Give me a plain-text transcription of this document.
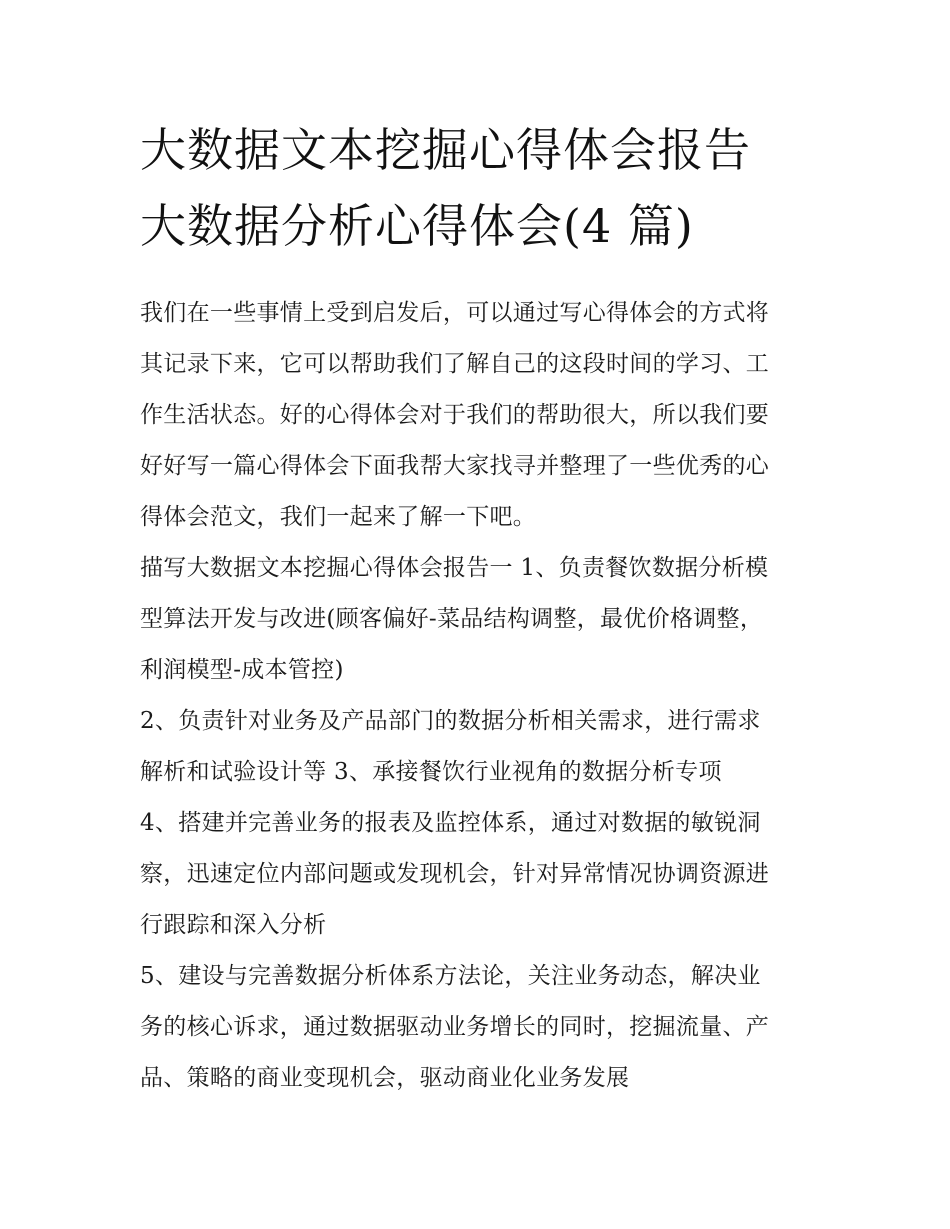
大数据文本挖掘心得体会报告
大数据分析心得体会(4 篇)

我们在一些事情上受到启发后，可以通过写心得体会的方式将
其记录下来，它可以帮助我们了解自己的这段时间的学习、工
作生活状态。好的心得体会对于我们的帮助很大，所以我们要
好好写一篇心得体会下面我帮大家找寻并整理了一些优秀的心
得体会范文，我们一起来了解一下吧。

描写大数据文本挖掘心得体会报告一 1、负责餐饮数据分析模
型算法开发与改进(顾客偏好-菜品结构调整，最优价格调整，
利润模型-成本管控)

2、负责针对业务及产品部门的数据分析相关需求，进行需求
解析和试验设计等 3、承接餐饮行业视角的数据分析专项

4、搭建并完善业务的报表及监控体系，通过对数据的敏锐洞
察，迅速定位内部问题或发现机会，针对异常情况协调资源进
行跟踪和深入分析

5、建设与完善数据分析体系方法论，关注业务动态，解决业
务的核心诉求，通过数据驱动业务增长的同时，挖掘流量、产
品、策略的商业变现机会，驱动商业化业务发展
